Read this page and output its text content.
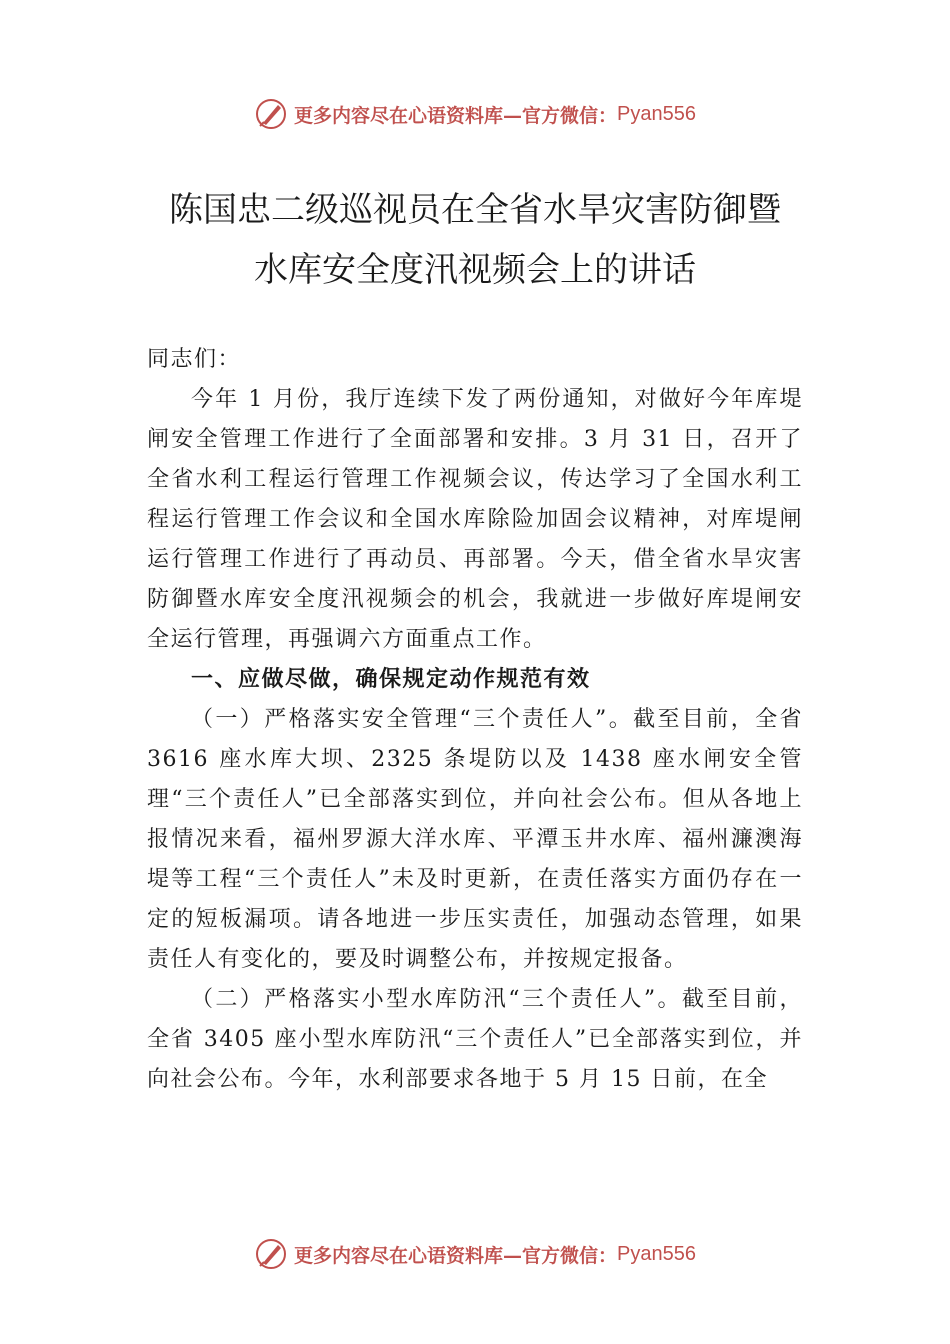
更多内容尽在心语资料库—官方微信： Pyan556
陈国忠二级巡视员在全省水旱灾害防御暨
水库安全度汛视频会上的讲话

同志们：

今年 1 月份，我厅连续下发了两份通知，对做好今年库堤闸安全管理工作进行了全面部署和安排。3 月 31 日，召开了全省水利工程运行管理工作视频会议，传达学习了全国水利工程运行管理工作会议和全国水库除险加固会议精神，对库堤闸运行管理工作进行了再动员、再部署。今天，借全省水旱灾害防御暨水库安全度汛视频会的机会，我就进一步做好库堤闸安全运行管理，再强调六方面重点工作。

一、应做尽做，确保规定动作规范有效

（一）严格落实安全管理“三个责任人”。截至目前，全省 3616 座水库大坝、2325 条堤防以及 1438 座水闸安全管理“三个责任人”已全部落实到位，并向社会公布。但从各地上报情况来看，福州罗源大洋水库、平潭玉井水库、福州濂澳海堤等工程“三个责任人”未及时更新，在责任落实方面仍存在一定的短板漏项。请各地进一步压实责任，加强动态管理，如果责任人有变化的，要及时调整公布，并按规定报备。

（二）严格落实小型水库防汛“三个责任人”。截至目前，全省 3405 座小型水库防汛“三个责任人”已全部落实到位，并向社会公布。今年，水利部要求各地于 5 月 15 日前，在全

更多内容尽在心语资料库—官方微信： Pyan556
